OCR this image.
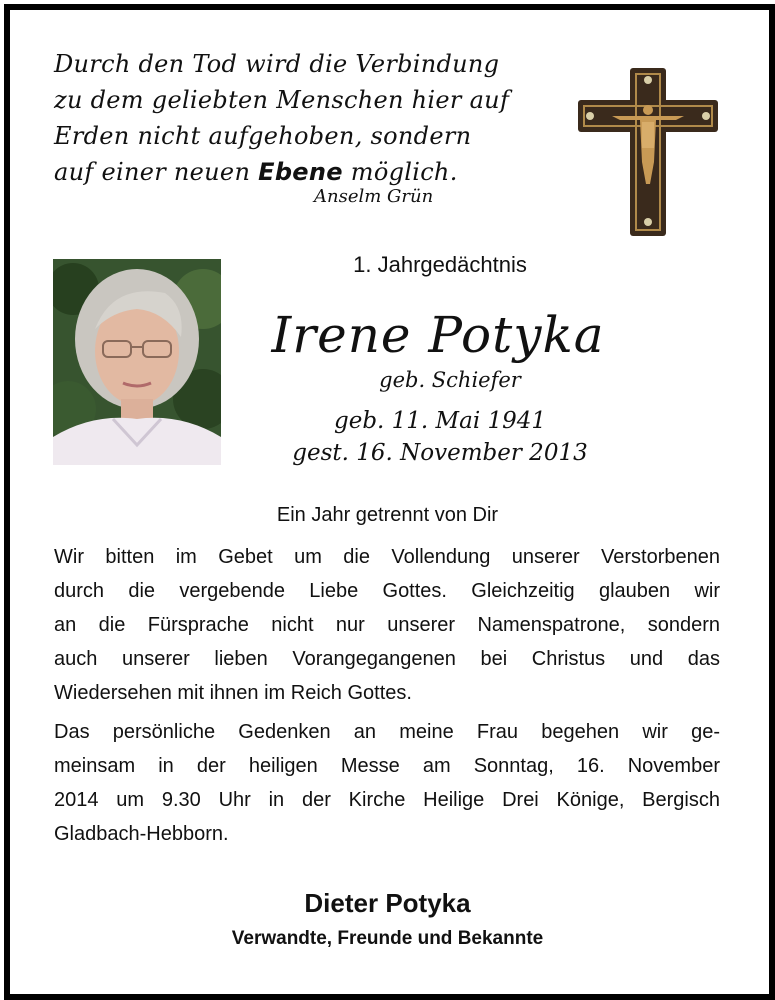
Durch den Tod wird die Verbindung
zu dem geliebten Menschen hier auf
Erden nicht aufgehoben, sondern
auf einer neuen Ebene möglich.
Anselm Grün
1. Jahrgedächtnis
Irene Potyka
geb. Schiefer
geb. 11. Mai 1941
gest. 16. November 2013
Ein Jahr getrennt von Dir
Wir bitten im Gebet um die Vollendung unserer Verstorbenen
durch die vergebende Liebe Gottes. Gleichzeitig glauben wir
an die Fürsprache nicht nur unserer Namenspatrone, sondern
auch unserer lieben Vorangegangenen bei Christus und das
Wiedersehen mit ihnen im Reich Gottes.
Das persönliche Gedenken an meine Frau begehen wir ge-
meinsam in der heiligen Messe am Sonntag, 16. November
2014 um 9.30 Uhr in der Kirche Heilige Drei Könige, Bergisch
Gladbach-Hebborn.
Dieter Potyka
Verwandte, Freunde und Bekannte
